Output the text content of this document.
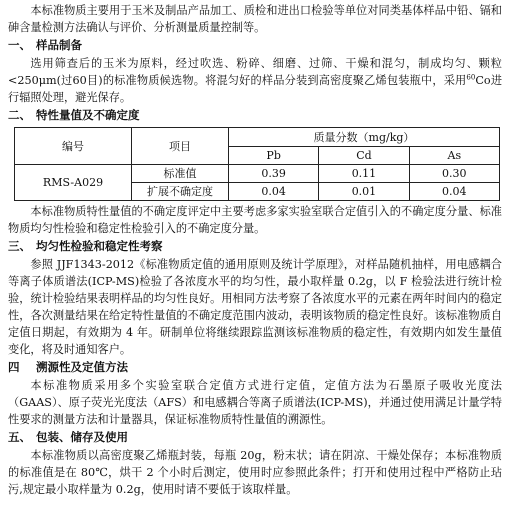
本标准物质主要用于玉米及制品产品加工、质检和进出口检验等单位对同类基体样品中铅、镉和砷含量检测方法确认与评价、分析测量质量控制等。

一、 样品制备

选用筛查后的玉米为原料，经过吹选、粉碎、细磨、过筛、干燥和混匀，制成均匀、颗粒<250μm(过60目)的标准物质候选物。将混匀好的样品分装到高密度聚乙烯包装瓶中，采用$^{60}$Co进行辐照处理，避光保存。

二、 特性量值及不确定度
编号	项目	质量分数（mg/kg）		
		Pb	Cd	As
RMS-A029	标准值	0.39	0.11	0.30
	扩展不确定度	0.04	0.01	0.04

本标准物质特性量值的不确定度评定中主要考虑多家实验室联合定值引入的不确定度分量、标准物质均匀性检验和稳定性检验引入的不确定度分量。

三、 均匀性检验和稳定性考察

参照 JJF1343-2012《标准物质定值的通用原则及统计学原理》，对样品随机抽样，用电感耦合等离子体质谱法(ICP-MS)检验了各浓度水平的均匀性，最小取样量 0.2g，以 F 检验法进行统计检验，统计检验结果表明样品的均匀性良好。用相同方法考察了各浓度水平的元素在两年时间内的稳定性，各次测量结果在给定特性量值的不确定度范围内波动，表明该物质的稳定性良好。该标准物质自定值日期起，有效期为 4 年。研制单位将继续跟踪监测该标准物质的稳定性，有效期内如发生量值变化，将及时通知客户。

四	溯源性及定值方法

本标准物质采用多个实验室联合定值方式进行定值，定值方法为石墨原子吸收光度法（GAAS）、原子荧光光度法（AFS）和电感耦合等离子质谱法(ICP-MS)，并通过使用满足计量学特性要求的测量方法和计量器具，保证标准物质特性量值的溯源性。

五、 包装、储存及使用

本标准物质以高密度聚乙烯瓶封装，每瓶 20g，粉末状；请在阴凉、干燥处保存；本标准物质的标准值是在 80℃，烘干 2 个小时后测定，使用时应参照此条件；打开和使用过程中严格防止玷污,规定最小取样量为 0.2g，使用时请不要低于该取样量。
